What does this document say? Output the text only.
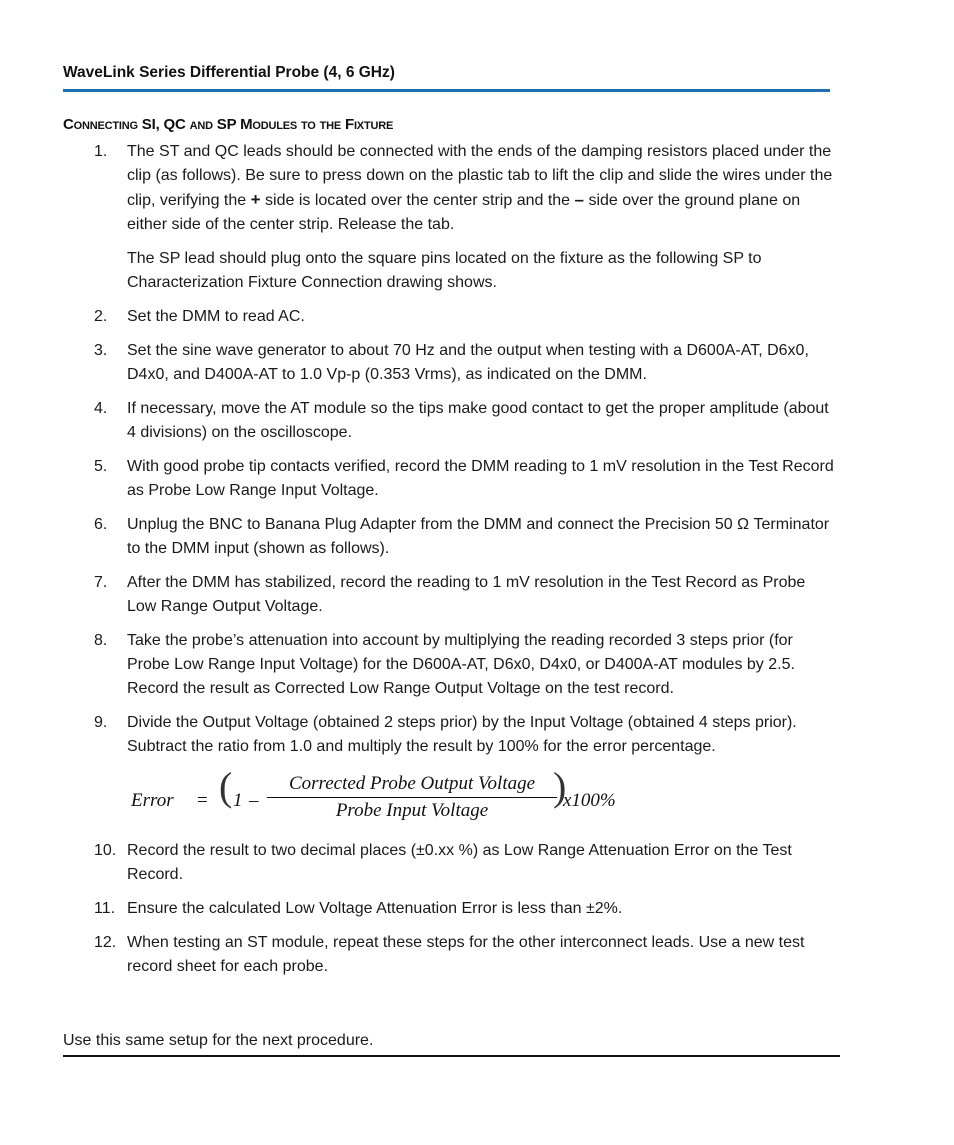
WaveLink Series Differential Probe (4, 6 GHz)
Connecting SI, QC and SP Modules to the Fixture
1. The ST and QC leads should be connected with the ends of the damping resistors placed under the clip (as follows). Be sure to press down on the plastic tab to lift the clip and slide the wires under the clip, verifying the + side is located over the center strip and the – side over the ground plane on either side of the center strip. Release the tab.

The SP lead should plug onto the square pins located on the fixture as the following SP to Characterization Fixture Connection drawing shows.

2. Set the DMM to read AC.

3. Set the sine wave generator to about 70 Hz and the output when testing with a D600A-AT, D6x0, D4x0, and D400A-AT to 1.0 Vp-p (0.353 Vrms), as indicated on the DMM.

4. If necessary, move the AT module so the tips make good contact to get the proper amplitude (about 4 divisions) on the oscilloscope.

5. With good probe tip contacts verified, record the DMM reading to 1 mV resolution in the Test Record as Probe Low Range Input Voltage.

6. Unplug the BNC to Banana Plug Adapter from the DMM and connect the Precision 50 Ω Terminator to the DMM input (shown as follows).

7. After the DMM has stabilized, record the reading to 1 mV resolution in the Test Record as Probe Low Range Output Voltage.

8. Take the probe’s attenuation into account by multiplying the reading recorded 3 steps prior (for Probe Low Range Input Voltage) for the D600A-AT, D6x0, D4x0, or D400A-AT modules by 2.5. Record the result as Corrected Low Range Output Voltage on the test record.

9. Divide the Output Voltage (obtained 2 steps prior) by the Input Voltage (obtained 4 steps prior). Subtract the ratio from 1.0 and multiply the result by 100% for the error percentage.

Error = ( 1 –
Corrected Probe Output Voltage
Probe Input Voltage
)
x100%
10. Record the result to two decimal places (±0.xx %) as Low Range Attenuation Error on the Test Record.

11. Ensure the calculated Low Voltage Attenuation Error is less than ±2%.

12. When testing an ST module, repeat these steps for the other interconnect leads. Use a new test record sheet for each probe.

Use this same setup for the next procedure.
